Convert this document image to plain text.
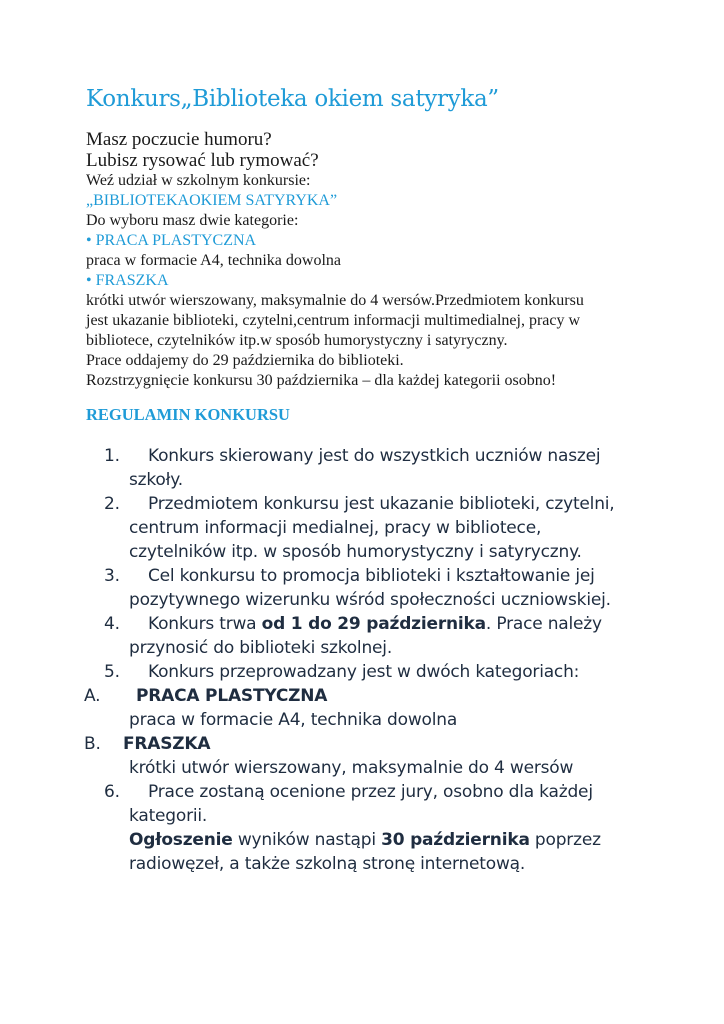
Konkurs„Biblioteka okiem satyryka”
Masz poczucie humoru?
Lubisz rysować lub rymować?
Weź udział w szkolnym konkursie:
„BIBLIOTEKAOKIEM SATYRYKA”
Do wyboru masz dwie kategorie:
• PRACA PLASTYCZNA
praca w formacie A4, technika dowolna
• FRASZKA
krótki utwór wierszowany, maksymalnie do 4 wersów.Przedmiotem konkursu
jest ukazanie biblioteki, czytelni,centrum informacji multimedialnej, pracy w
bibliotece, czytelników itp.w sposób humorystyczny i satyryczny.
Prace oddajemy do 29 października do biblioteki.
Rozstrzygnięcie konkursu 30 października – dla każdej kategorii osobno!
REGULAMIN KONKURSU
1.	Konkurs skierowany jest do wszystkich uczniów naszej
szkoły.
2.	Przedmiotem konkursu jest ukazanie biblioteki, czytelni,
centrum informacji medialnej, pracy w bibliotece,
czytelników itp. w sposób humorystyczny i satyryczny.
3.	Cel konkursu to promocja biblioteki i kształtowanie jej
pozytywnego wizerunku wśród społeczności uczniowskiej.
4.	Konkurs trwa od 1 do 29 października. Prace należy
przynosić do biblioteki szkolnej.
5.	Konkurs przeprowadzany jest w dwóch kategoriach:
A.	PRACA PLASTYCZNA
praca w formacie A4, technika dowolna
B. FRASZKA
krótki utwór wierszowany, maksymalnie do 4 wersów
6.	Prace zostaną ocenione przez jury, osobno dla każdej
kategorii.
Ogłoszenie wyników nastąpi 30 października poprzez
radiowęzeł, a także szkolną stronę internetową.
